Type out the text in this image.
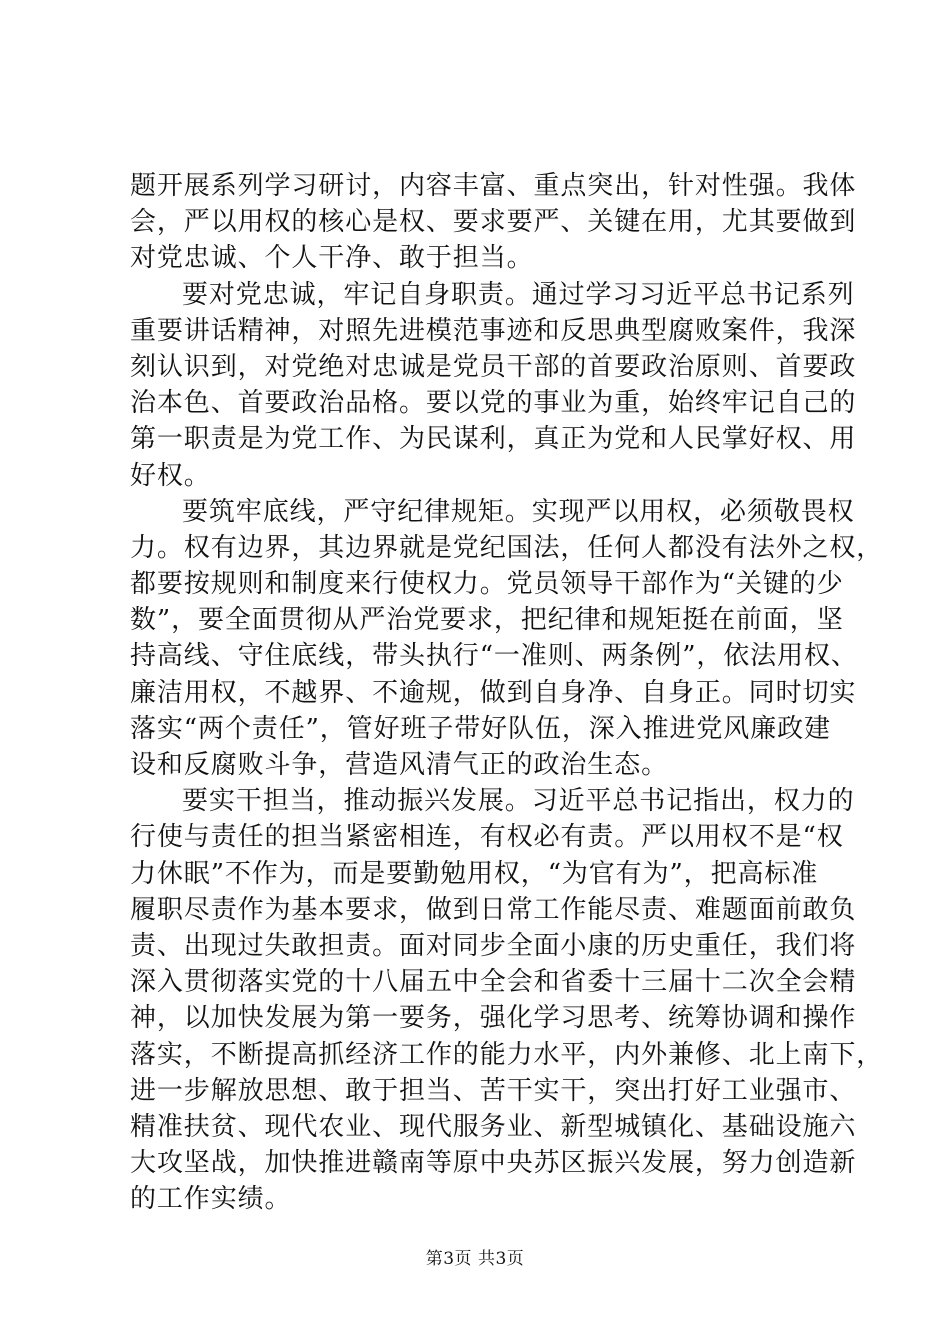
题开展系列学习研讨，内容丰富、重点突出，针对性强。我体
会，严以用权的核心是权、要求要严、关键在用，尤其要做到
对党忠诚、个人干净、敢于担当。
要对党忠诚，牢记自身职责。通过学习习近平总书记系列
重要讲话精神，对照先进模范事迹和反思典型腐败案件，我深
刻认识到，对党绝对忠诚是党员干部的首要政治原则、首要政
治本色、首要政治品格。要以党的事业为重，始终牢记自己的
第一职责是为党工作、为民谋利，真正为党和人民掌好权、用
好权。
要筑牢底线，严守纪律规矩。实现严以用权，必须敬畏权
力。权有边界，其边界就是党纪国法，任何人都没有法外之权，
都要按规则和制度来行使权力。党员领导干部作为“关键的少
数”，要全面贯彻从严治党要求，把纪律和规矩挺在前面，坚
持高线、守住底线，带头执行“一准则、两条例”，依法用权、
廉洁用权，不越界、不逾规，做到自身净、自身正。同时切实
落实“两个责任”，管好班子带好队伍，深入推进党风廉政建
设和反腐败斗争，营造风清气正的政治生态。
要实干担当，推动振兴发展。习近平总书记指出，权力的
行使与责任的担当紧密相连，有权必有责。严以用权不是“权
力休眠”不作为，而是要勤勉用权，“为官有为”，把高标准
履职尽责作为基本要求，做到日常工作能尽责、难题面前敢负
责、出现过失敢担责。面对同步全面小康的历史重任，我们将
深入贯彻落实党的十八届五中全会和省委十三届十二次全会精
神，以加快发展为第一要务，强化学习思考、统筹协调和操作
落实，不断提高抓经济工作的能力水平，内外兼修、北上南下，
进一步解放思想、敢于担当、苦干实干，突出打好工业强市、
精准扶贫、现代农业、现代服务业、新型城镇化、基础设施六
大攻坚战，加快推进赣南等原中央苏区振兴发展，努力创造新
的工作实绩。
第3页 共3页
